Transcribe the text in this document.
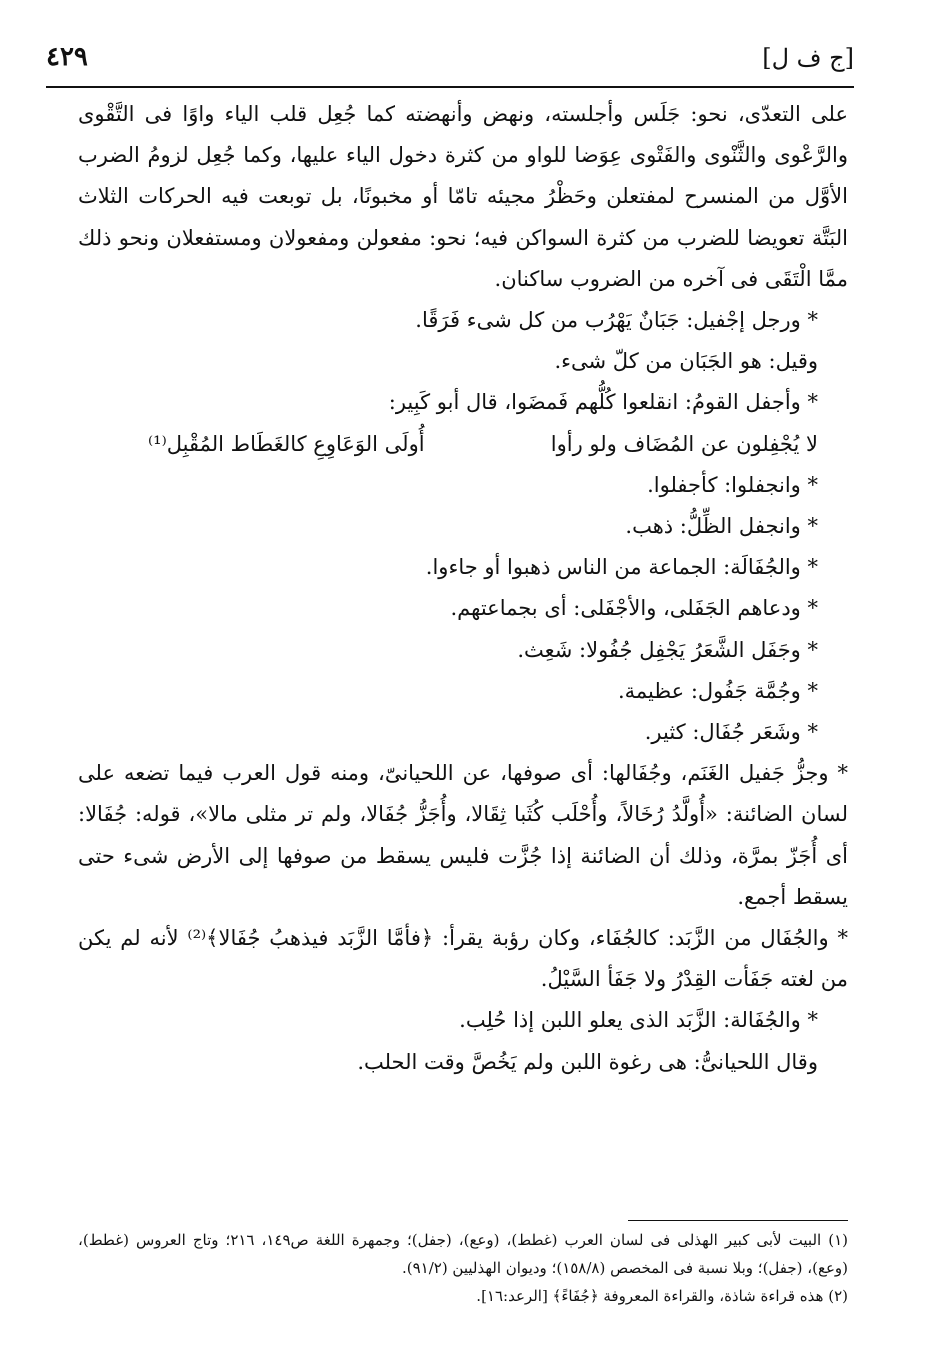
٤٢٩	[ج ف ل]

على التعدّى، نحو: جَلَس وأجلسته، ونهض وأنهضته كما جُعِل قلب الياء واوًا فى التَّقْوى والرَّعْوى والثَّنْوى والفَتْوى عِوَضا للواو من كثرة دخول الياء عليها، وكما جُعِل لزومُ الضرب الأوَّل من المنسرح لمفتعلن وحَظْرُ مجيئه تامّا أو مخبونًا، بل توبعت فيه الحركات الثلاث البَتَّة تعويضا للضرب من كثرة السواكن فيه؛ نحو: مفعولن ومفعولان ومستفعلان ونحو ذلك ممَّا الْتَقَى فى آخره من الضروب ساكنان.

* ورجل إجْفيل: جَبَانٌ يَهْرُب من كل شىء فَرَقًا.

وقيل: هو الجَبَان من كلّ شىء.

* وأجفل القومُ: انقلعوا كُلُّهم فَمضَوا، قال أبو كَبِير:

لا يُجْفِلون عن المُضَاف ولو رأوا
أُولَى الوَعَاوِعِ كالغَطَاط المُقْبِل⁽¹⁾

* وانجفلوا: كأجفلوا.

* وانجفل الظِّلُّ: ذهب.

* والجُفَالَة: الجماعة من الناس ذهبوا أو جاءوا.

* ودعاهم الجَفَلى، والأجْفَلى: أى بجماعتهم.

* وجَفَل الشَّعَرُ يَجْفِل جُفُولا: شَعِث.

* وجُمَّة جَفُول: عظيمة.

* وشَعَر جُفَال: كثير.

* وجزُّ جَفيل الغَنَم، وجُفَالها: أى صوفها، عن اللحيانىّ، ومنه قول العرب فيما تضعه على لسان الضائنة: «أُولَّدُ رُخَالاً، وأُحْلَب كُثَبا ثِقَالا، وأُجَزُّ جُفَالا، ولم تر مثلى مالا»، قوله: جُفَالا: أى أُجَزّ بمرَّة، وذلك أن الضائنة إذا جُزَّت فليس يسقط من صوفها إلى الأرض شىء حتى يسقط أجمع.

* والجُفَال من الزَّبَد: كالجُفَاء، وكان رؤبة يقرأ: ﴿فأمَّا الزَّبَد فيذهبُ جُفَالا﴾⁽²⁾ لأنه لم يكن من لغته جَفَأت القِدْرُ ولا جَفَأ السَّيْلُ.

* والجُفَالة: الزَّبَد الذى يعلو اللبن إذا حُلِب.

وقال اللحيانىُّ: هى رغوة اللبن ولم يَخُصَّ وقت الحلب.

(١) البيت لأبى كبير الهذلى فى لسان العرب (غطط)، (وعع)، (جفل)؛ وجمهرة اللغة ص١٤٩، ٢١٦؛ وتاج العروس (غطط)، (وعع)، (جفل)؛ وبلا نسبة فى المخصص (١٥٨/٨)؛ وديوان الهذليين (٩١/٢).

(٢) هذه قراءة شاذة، والقراءة المعروفة ﴿جُفَاءً﴾ [الرعد:١٦].
